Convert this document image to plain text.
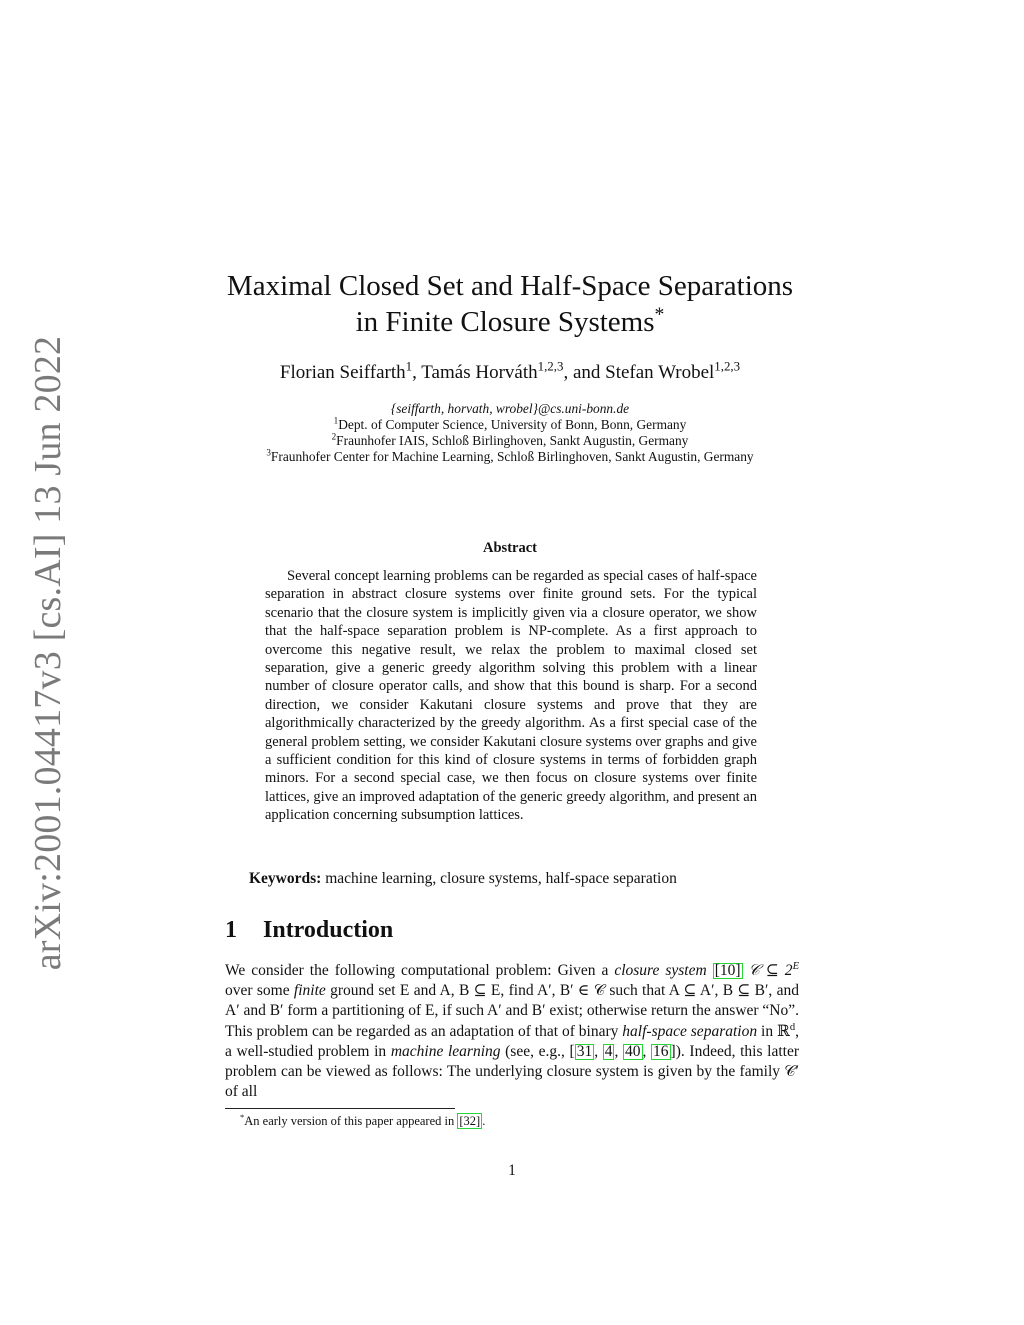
arXiv:2001.04417v3 [cs.AI] 13 Jun 2022
Maximal Closed Set and Half-Space Separations
in Finite Closure Systems*
Florian Seiffarth$^1$, Tamás Horváth$^{1,2,3}$, and Stefan Wrobel$^{1,2,3}$
{seiffarth, horvath, wrobel}@cs.uni-bonn.de
$^1$Dept. of Computer Science, University of Bonn, Bonn, Germany
$^2$Fraunhofer IAIS, Schloß Birlinghoven, Sankt Augustin, Germany
$^3$Fraunhofer Center for Machine Learning, Schloß Birlinghoven, Sankt Augustin, Germany
Abstract

Several concept learning problems can be regarded as special cases of half-space separation in abstract closure systems over finite ground sets. For the typical scenario that the closure system is implicitly given via a closure operator, we show that the half-space separation problem is NP-complete. As a first approach to overcome this negative result, we relax the problem to maximal closed set separation, give a generic greedy algorithm solving this problem with a linear number of closure operator calls, and show that this bound is sharp. For a second direction, we consider Kakutani closure systems and prove that they are algorithmically characterized by the greedy algorithm. As a first special case of the general problem setting, we consider Kakutani closure systems over graphs and give a sufficient condition for this kind of closure systems in terms of forbidden graph minors. For a second special case, we then focus on closure systems over finite lattices, give an improved adaptation of the generic greedy algorithm, and present an application concerning subsumption lattices.

Keywords: machine learning, closure systems, half-space separation
1 Introduction

We consider the following computational problem: Given a closure system [10] 𝒞 ⊆ $2^E$ over some finite ground set E and A, B ⊆ E, find A′, B′ ∈ 𝒞 such that A ⊆ A′, B ⊆ B′, and A′ and B′ form a partitioning of E, if such A′ and B′ exist; otherwise return the answer “No”. This problem can be regarded as an adaptation of that of binary half-space separation in ℝ$^d$, a well-studied problem in machine learning (see, e.g., [ 31 , 4 , 40 , 16 ]). Indeed, this latter problem can be viewed as follows: The underlying closure system is given by the family 𝒞′ of all

*An early version of this paper appeared in [32] .
1
